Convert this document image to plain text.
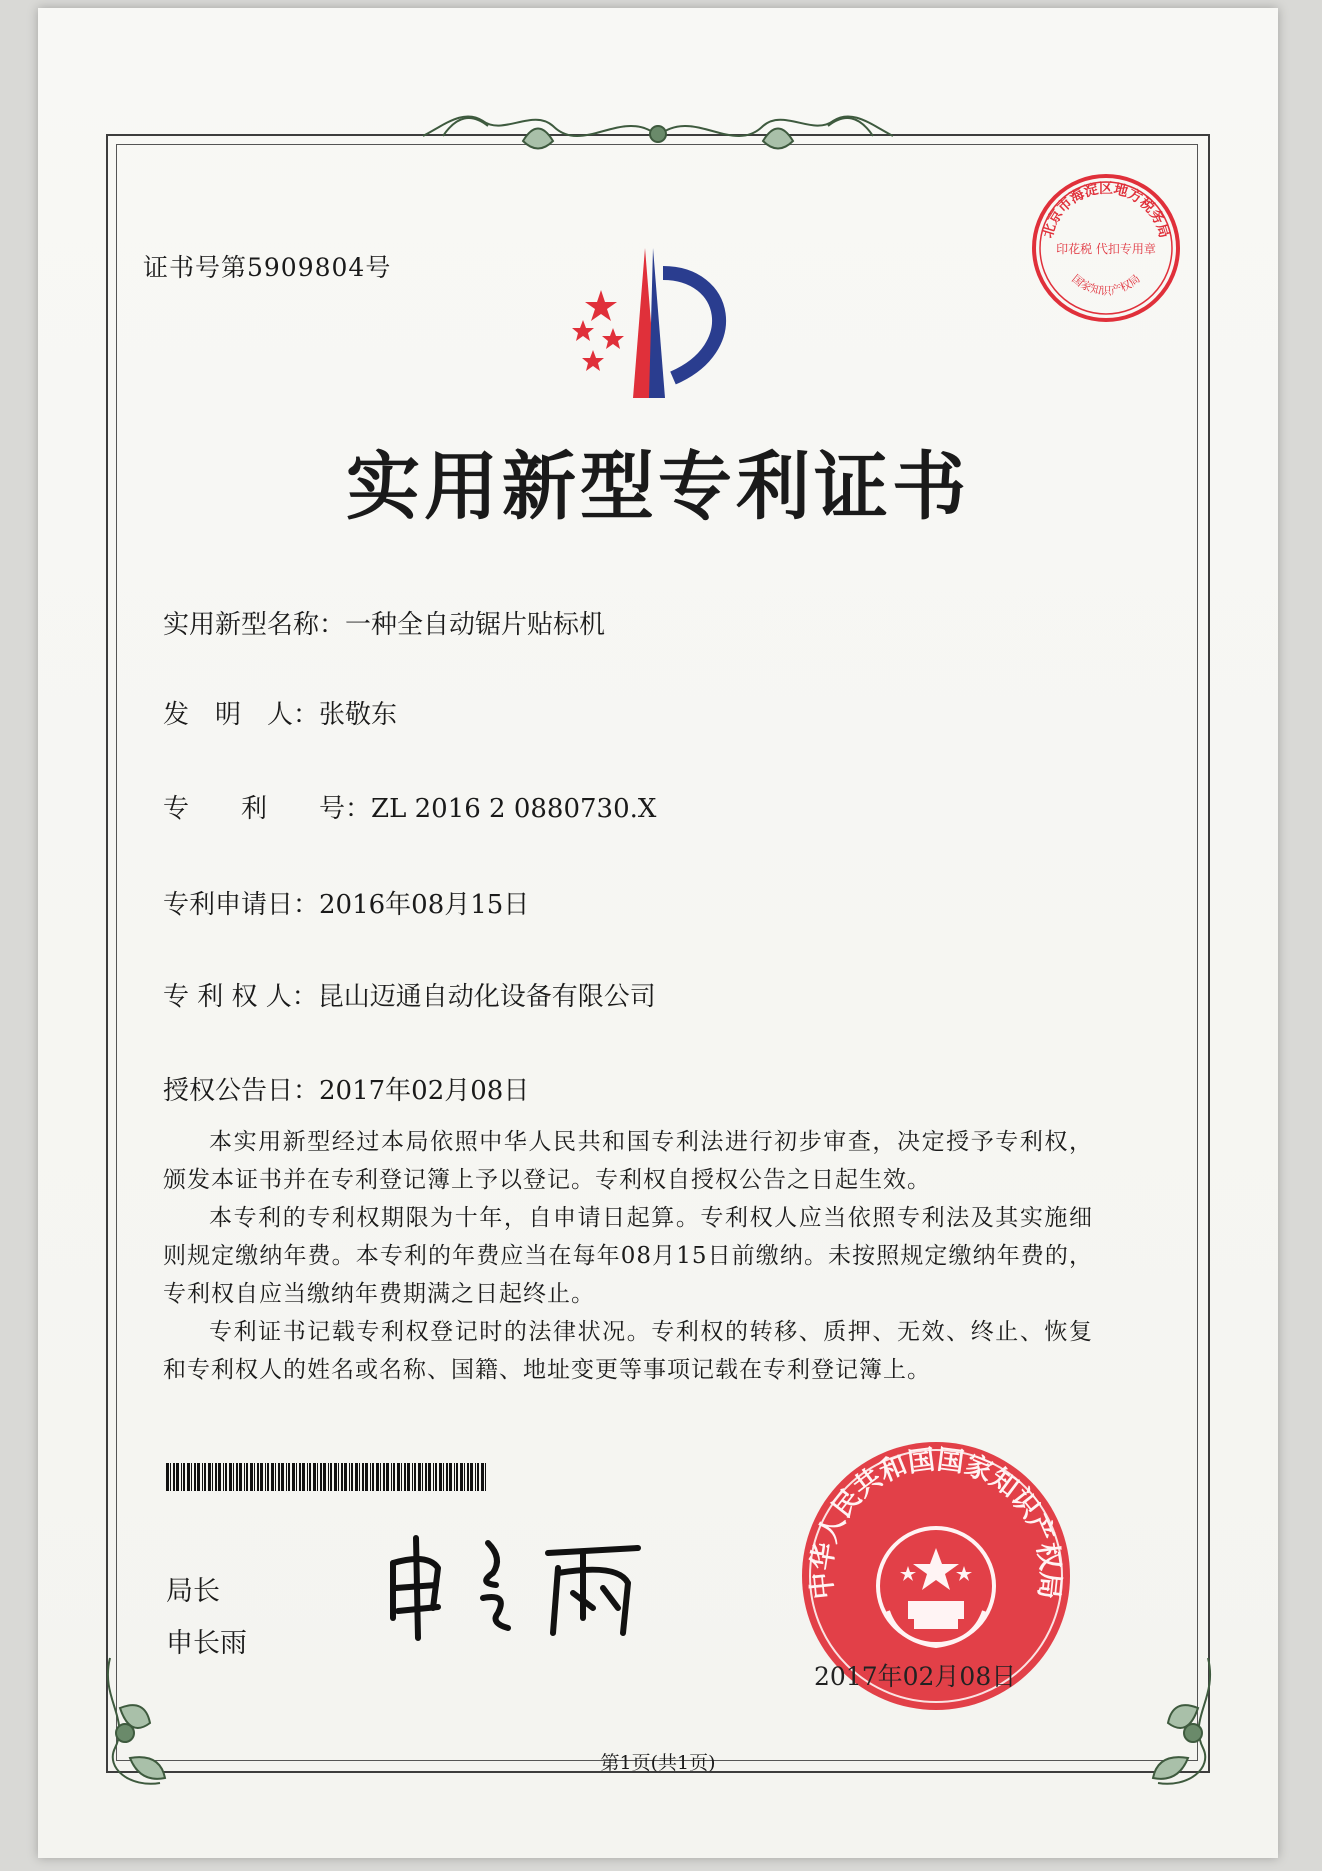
证书号第5909804号
北京市海淀区地方税务局
国家知识产权局
印花税 代扣专用章
实用新型专利证书
实用新型名称：一种全自动锯片贴标机
发　明　人：张敬东
专　　利　　号：ZL 2016 2 0880730.X
专利申请日：2016年08月15日
专 利 权 人：昆山迈通自动化设备有限公司
授权公告日：2017年02月08日

本实用新型经过本局依照中华人民共和国专利法进行初步审查，决定授予专利权，颁发本证书并在专利登记簿上予以登记。专利权自授权公告之日起生效。

本专利的专利权期限为十年，自申请日起算。专利权人应当依照专利法及其实施细则规定缴纳年费。本专利的年费应当在每年08月15日前缴纳。未按照规定缴纳年费的，专利权自应当缴纳年费期满之日起终止。

专利证书记载专利权登记时的法律状况。专利权的转移、质押、无效、终止、恢复和专利权人的姓名或名称、国籍、地址变更等事项记载在专利登记簿上。

局长
申长雨
中华人民共和国国家知识产权局
2017年02月08日
第1页(共1页)
